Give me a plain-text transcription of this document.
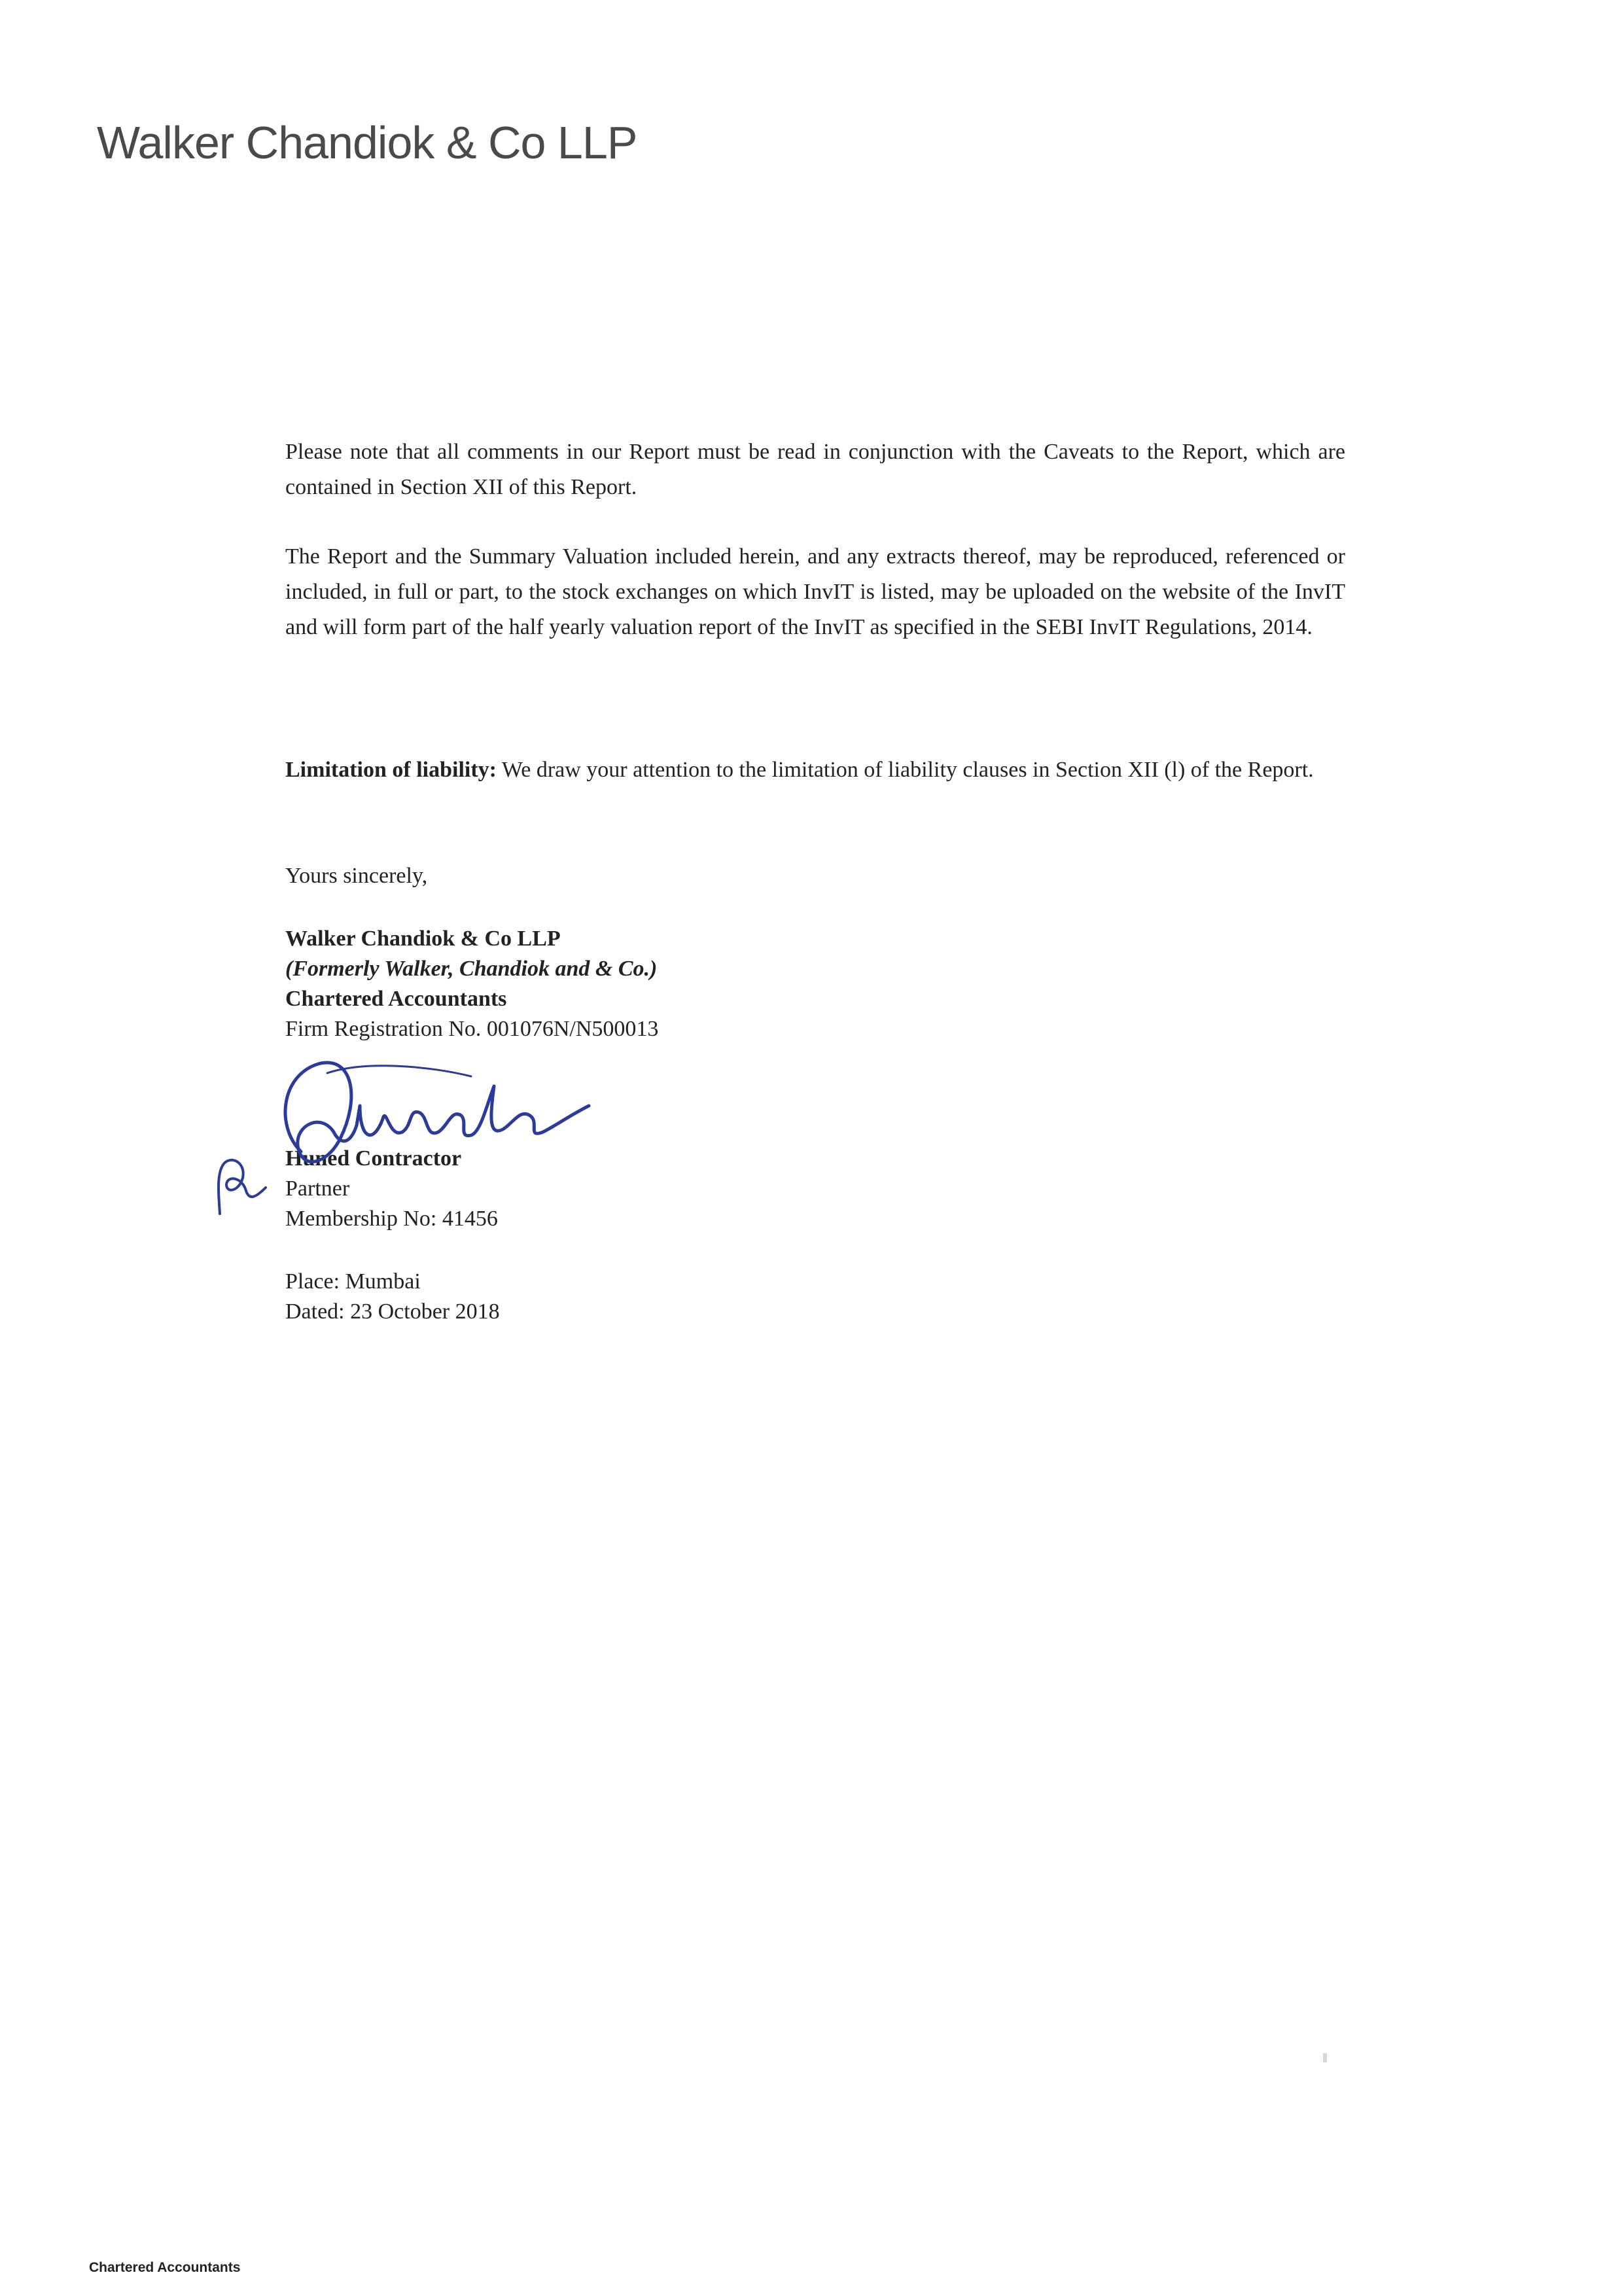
Walker Chandiok & Co LLP

Please note that all comments in our Report must be read in conjunction with the Caveats to the Report, which are contained in Section XII of this Report.

The Report and the Summary Valuation included herein, and any extracts thereof, may be reproduced, referenced or included, in full or part, to the stock exchanges on which InvIT is listed, may be uploaded on the website of the InvIT and will form part of the half yearly valuation report of the InvIT as specified in the SEBI InvIT Regulations, 2014.

Limitation of liability: We draw your attention to the limitation of liability clauses in Section XII (l) of the Report.

Yours sincerely,

Walker Chandiok & Co LLP
(Formerly Walker, Chandiok and & Co.)
Chartered Accountants
Firm Registration No. 001076N/N500013
Huned Contractor
Partner
Membership No: 41456
Place: Mumbai
Dated: 23 October 2018
Chartered Accountants
